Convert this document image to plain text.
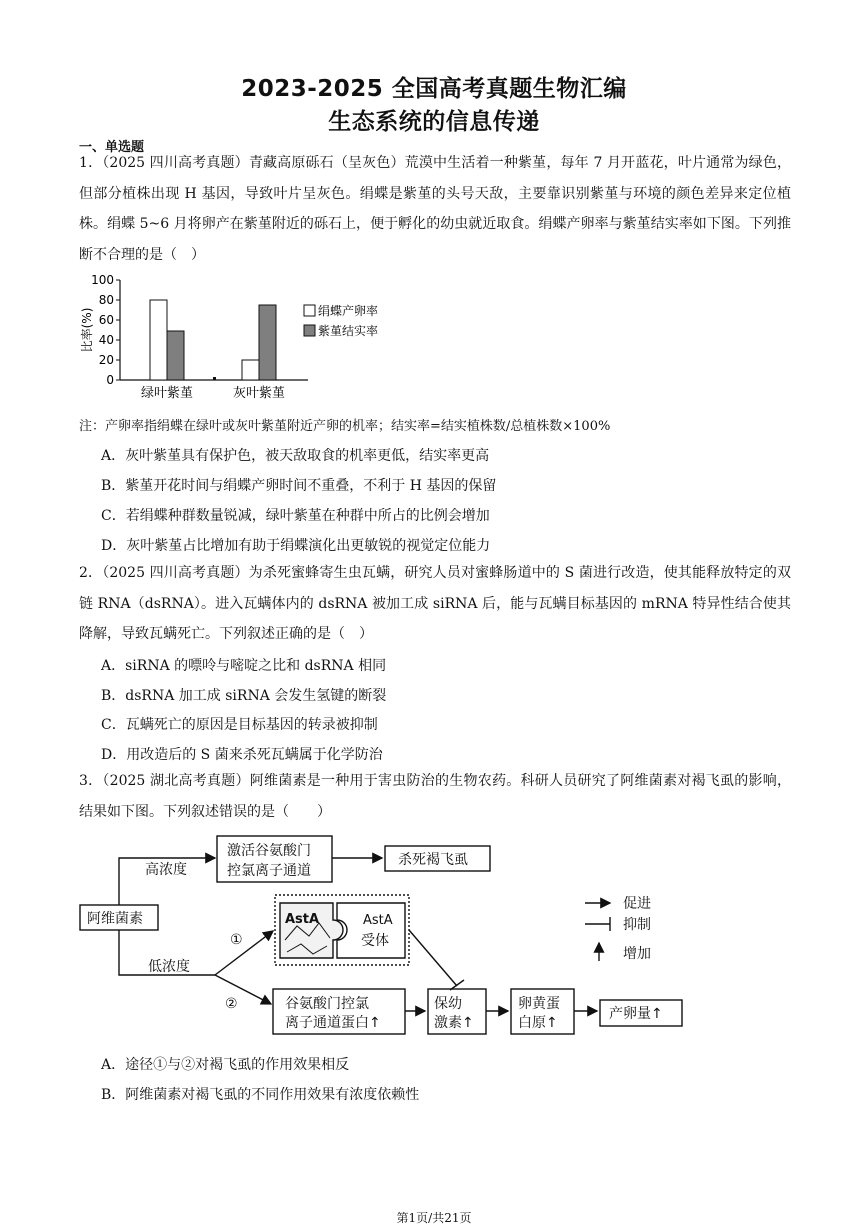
2023-2025 全国高考真题生物汇编
生态系统的信息传递
一、单选题
1．（2025 四川高考真题）青藏高原砾石（呈灰色）荒漠中生活着一种紫堇，每年 7 月开蓝花，叶片通常为绿色，但部分植株出现 H 基因，导致叶片呈灰色。绢蝶是紫堇的头号天敌，主要靠识别紫堇与环境的颜色差异来定位植株。绢蝶 5~6 月将卵产在紫堇附近的砾石上，便于孵化的幼虫就近取食。绢蝶产卵率与紫堇结实率如下图。下列推断不合理的是（　）
0
20
40
60
80
100
比率(%)
绿叶紫堇	灰叶紫堇
绢蝶产卵率
紫堇结实率
注：产卵率指绢蝶在绿叶或灰叶紫堇附近产卵的机率；结实率=结实植株数/总植株数×100%
A．灰叶紫堇具有保护色，被天敌取食的机率更低，结实率更高
B．紫堇开花时间与绢蝶产卵时间不重叠，不利于 H 基因的保留
C．若绢蝶种群数量锐减，绿叶紫堇在种群中所占的比例会增加
D．灰叶紫堇占比增加有助于绢蝶演化出更敏锐的视觉定位能力
2．（2025 四川高考真题）为杀死蜜蜂寄生虫瓦螨，研究人员对蜜蜂肠道中的 S 菌进行改造，使其能释放特定的双链 RNA（dsRNA）。进入瓦螨体内的 dsRNA 被加工成 siRNA 后，能与瓦螨目标基因的 mRNA 特异性结合使其降解，导致瓦螨死亡。下列叙述正确的是（　）
A．siRNA 的嘌呤与嘧啶之比和 dsRNA 相同
B．dsRNA 加工成 siRNA 会发生氢键的断裂
C．瓦螨死亡的原因是目标基因的转录被抑制
D．用改造后的 S 菌来杀死瓦螨属于化学防治
3．（2025 湖北高考真题）阿维菌素是一种用于害虫防治的生物农药。科研人员研究了阿维菌素对褐飞虱的影响，结果如下图。下列叙述错误的是（　　）
阿维菌素
高浓度
低浓度
激活谷氨酸门
控氯离子通道
杀死褐飞虱
①
②
AstA	AstA
受体
谷氨酸门控氯
离子通道蛋白↑
保幼
激素↑
卵黄蛋
白原↑
产卵量↑
促进
抑制
增加
A．途径①与②对褐飞虱的作用效果相反
B．阿维菌素对褐飞虱的不同作用效果有浓度依赖性
第1页/共21页
